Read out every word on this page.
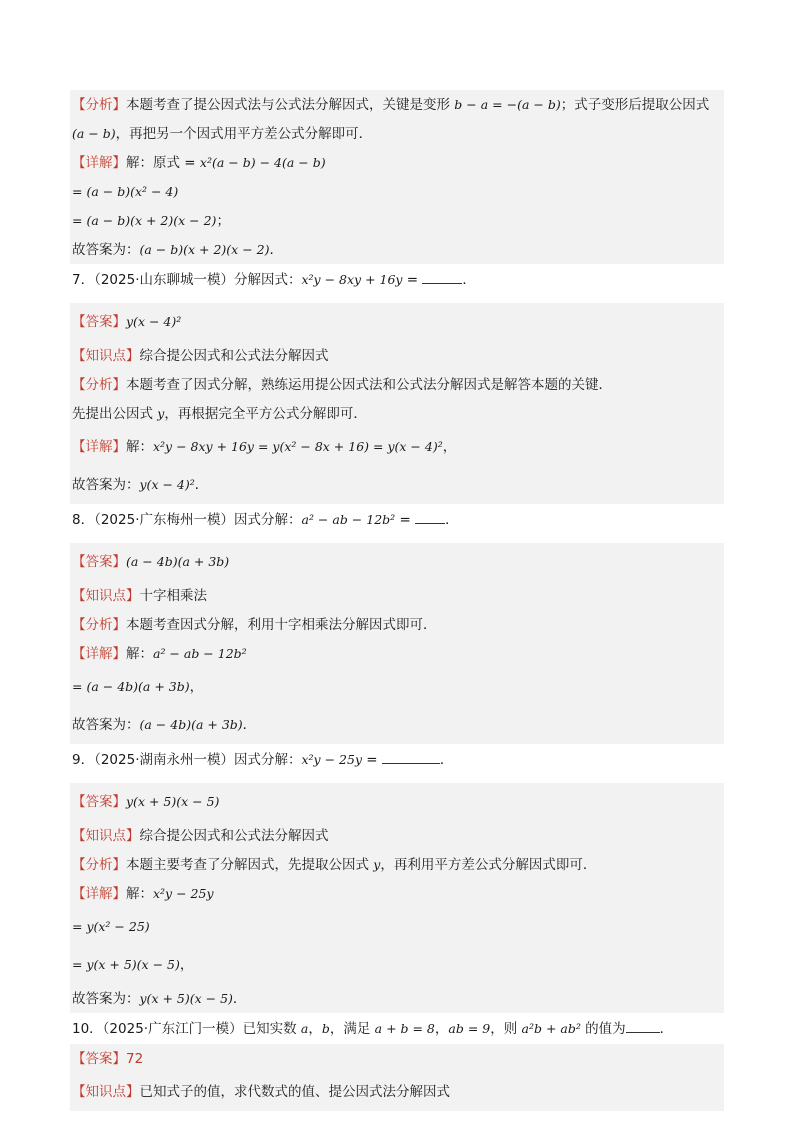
【分析】本题考查了提公因式法与公式法分解因式，关键是变形 b − a = −(a − b)；式子变形后提取公因式
(a − b)，再把另一个因式用平方差公式分解即可．
【详解】解：原式 = x²(a − b) − 4(a − b)
= (a − b)(x² − 4)
= (a − b)(x + 2)(x − 2)；
故答案为：(a − b)(x + 2)(x − 2)．
7．（2025·山东聊城一模）分解因式：x²y − 8xy + 16y =	．
【答案】y(x − 4)²
【知识点】综合提公因式和公式法分解因式
【分析】本题考查了因式分解，熟练运用提公因式法和公式法分解因式是解答本题的关键．
先提出公因式 y，再根据完全平方公式分解即可．
【详解】解：x²y − 8xy + 16y = y(x² − 8x + 16) = y(x − 4)²，
故答案为：y(x − 4)²．
8．（2025·广东梅州一模）因式分解：a² − ab − 12b² = ．
【答案】(a − 4b)(a + 3b)
【知识点】十字相乘法
【分析】本题考查因式分解，利用十字相乘法分解因式即可．
【详解】解：a² − ab − 12b²
= (a − 4b)(a + 3b)，
故答案为：(a − 4b)(a + 3b)．
9．（2025·湖南永州一模）因式分解：x²y − 25y =	．
【答案】y(x + 5)(x − 5)
【知识点】综合提公因式和公式法分解因式
【分析】本题主要考查了分解因式，先提取公因式 y，再利用平方差公式分解因式即可．
【详解】解：x²y − 25y
= y(x² − 25)
= y(x + 5)(x − 5)，
故答案为：y(x + 5)(x − 5)．
10．（2025·广东江门一模）已知实数 a，b，满足 a + b = 8，ab = 9，则 a²b + ab² 的值为	．
【答案】72
【知识点】已知式子的值，求代数式的值、提公因式法分解因式
